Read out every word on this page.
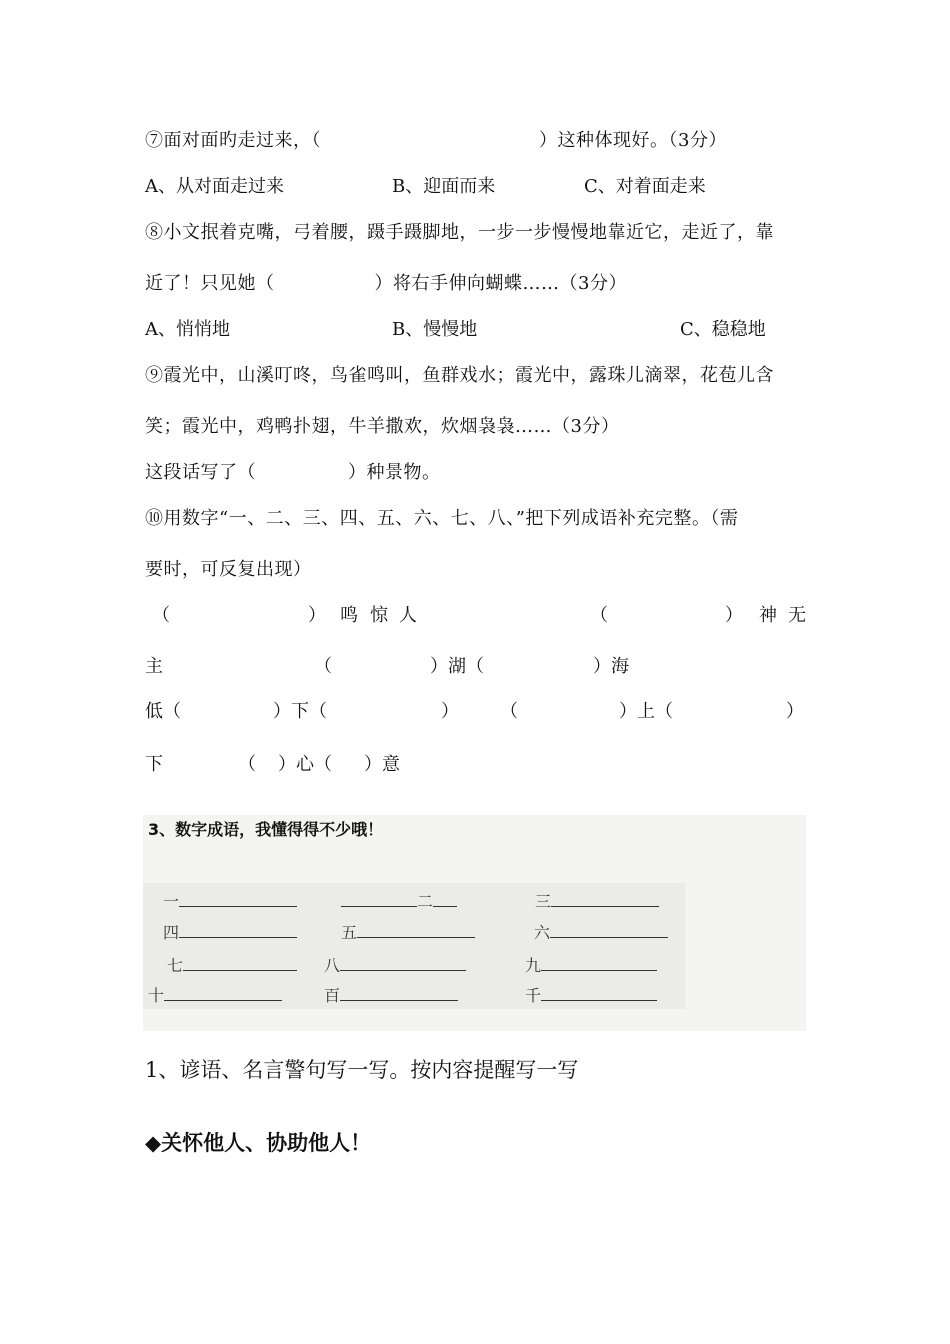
⑦面对面旳走过来，（	）这种体现好。（3分）
A、从对面走过来	B、迎面而来	C、对着面走来
⑧小文抿着克嘴，弓着腰，蹑手蹑脚地，一步一步慢慢地靠近它，走近了，靠
近了！只见她（	）将右手伸向蝴蝶……（3分）
A、悄悄地	B、慢慢地	C、稳稳地
⑨霞光中，山溪叮咚，鸟雀鸣叫，鱼群戏水；霞光中，露珠儿滴翠，花苞儿含
笑；霞光中，鸡鸭扑翅，牛羊撒欢，炊烟袅袅……（3分）
这段话写了（	）种景物。
⑩用数字“一、二、三、四、五、六、七、八、”把下列成语补充完整。（需
要时，可反复出现）
（	） 鸣 惊 人	（	） 神 无
主	（	）湖（	）海
低（	）下（	） （	）上（	）
下	（ ）心（ ）意
3、数字成语，我懂得得不少哦！
一	二	三
四	五	六
七	八	九
十	百	千
1、谚语、名言警句写一写。按内容提醒写一写
◆关怀他人、协助他人！
